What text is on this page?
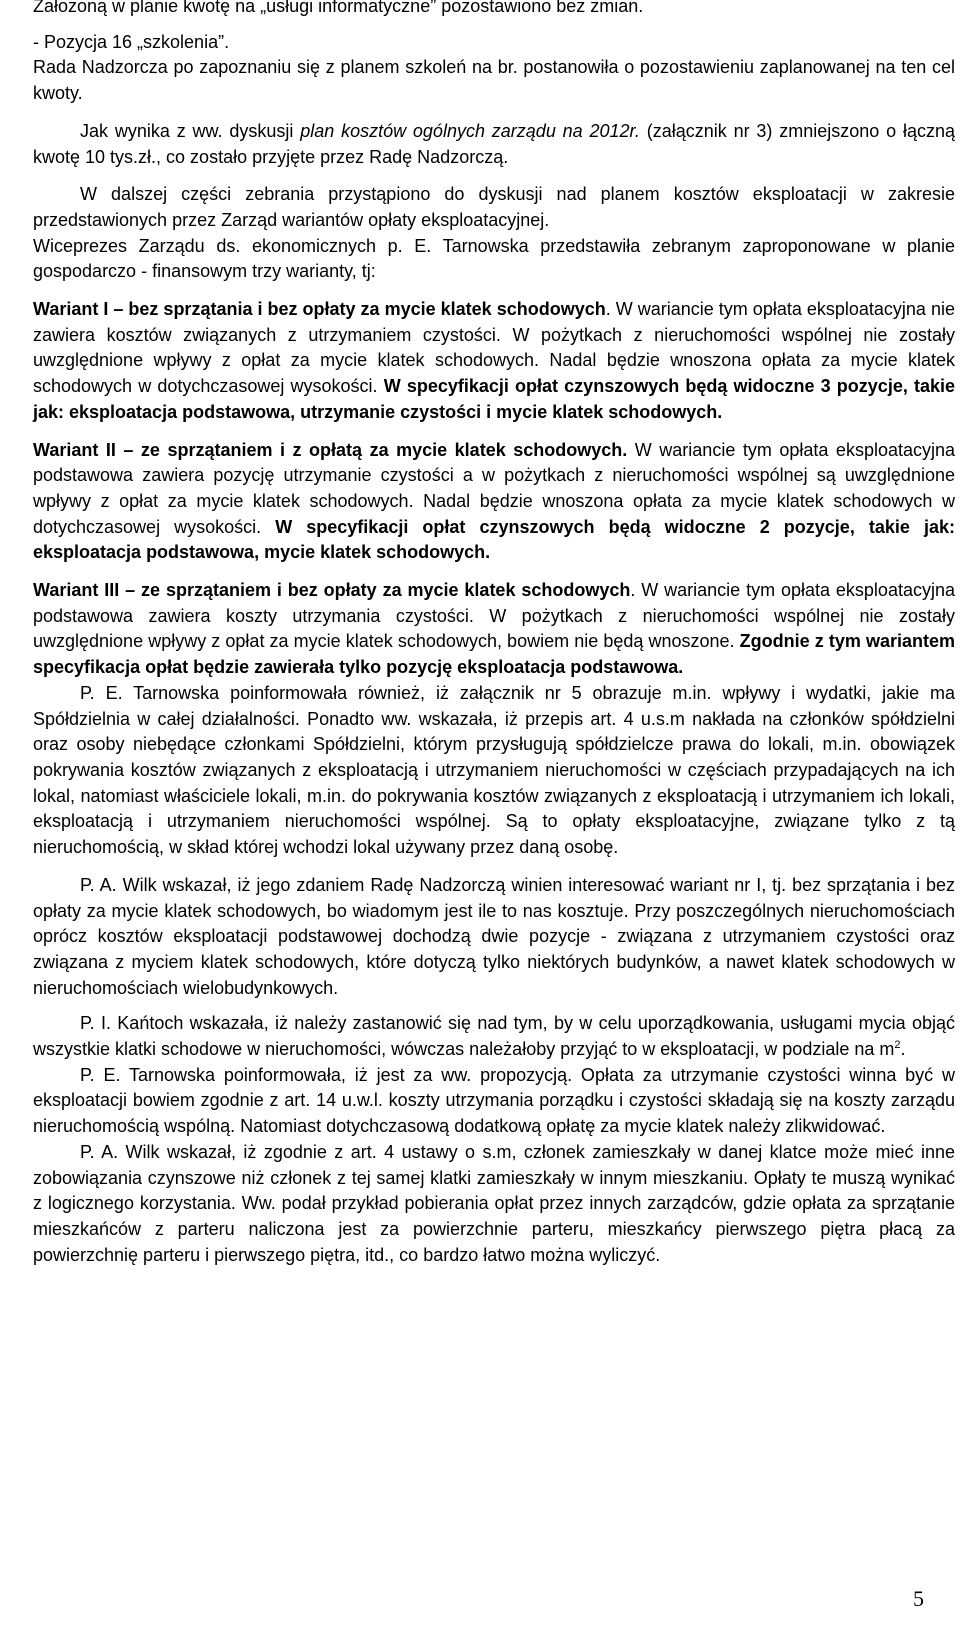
Założoną w planie kwotę na „usługi informatyczne” pozostawiono bez zmian.

- Pozycja 16 „szkolenia”.

Rada Nadzorcza po zapoznaniu się z planem szkoleń na br. postanowiła o pozostawieniu zaplanowanej na ten cel kwoty.

Jak wynika z ww. dyskusji plan kosztów ogólnych zarządu na 2012r. (załącznik nr 3) zmniejszono o łączną kwotę 10 tys.zł., co zostało przyjęte przez Radę Nadzorczą.

W dalszej części zebrania przystąpiono do dyskusji nad planem kosztów eksploatacji w zakresie przedstawionych przez Zarząd wariantów opłaty eksploatacyjnej.

Wiceprezes Zarządu ds. ekonomicznych p. E. Tarnowska przedstawiła zebranym zaproponowane w planie gospodarczo - finansowym trzy warianty, tj:

Wariant I – bez sprzątania i bez opłaty za mycie klatek schodowych. W wariancie tym opłata eksploatacyjna nie zawiera kosztów związanych z utrzymaniem czystości. W pożytkach z nieruchomości wspólnej nie zostały uwzględnione wpływy z opłat za mycie klatek schodowych. Nadal będzie wnoszona opłata za mycie klatek schodowych w dotychczasowej wysokości. W specyfikacji opłat czynszowych będą widoczne 3 pozycje, takie jak: eksploatacja podstawowa, utrzymanie czystości i mycie klatek schodowych.

Wariant II – ze sprzątaniem i z opłatą za mycie klatek schodowych. W wariancie tym opłata eksploatacyjna podstawowa zawiera pozycję utrzymanie czystości a w pożytkach z nieruchomości wspólnej są uwzględnione wpływy z opłat za mycie klatek schodowych. Nadal będzie wnoszona opłata za mycie klatek schodowych w dotychczasowej wysokości. W specyfikacji opłat czynszowych będą widoczne 2 pozycje, takie jak: eksploatacja podstawowa, mycie klatek schodowych.

Wariant III – ze sprzątaniem i bez opłaty za mycie klatek schodowych. W wariancie tym opłata eksploatacyjna podstawowa zawiera koszty utrzymania czystości. W pożytkach z nieruchomości wspólnej nie zostały uwzględnione wpływy z opłat za mycie klatek schodowych, bowiem nie będą wnoszone. Zgodnie z tym wariantem specyfikacja opłat będzie zawierała tylko pozycję eksploatacja podstawowa.

P. E. Tarnowska poinformowała również, iż załącznik nr 5 obrazuje m.in. wpływy i wydatki, jakie ma Spółdzielnia w całej działalności. Ponadto ww. wskazała, iż przepis art. 4 u.s.m nakłada na członków spółdzielni oraz osoby niebędące członkami Spółdzielni, którym przysługują spółdzielcze prawa do lokali, m.in. obowiązek pokrywania kosztów związanych z eksploatacją i utrzymaniem nieruchomości w częściach przypadających na ich lokal, natomiast właściciele lokali, m.in. do pokrywania kosztów związanych z eksploatacją i utrzymaniem ich lokali, eksploatacją i utrzymaniem nieruchomości wspólnej. Są to opłaty eksploatacyjne, związane tylko z tą nieruchomością, w skład której wchodzi lokal używany przez daną osobę.

P. A. Wilk wskazał, iż jego zdaniem Radę Nadzorczą winien interesować wariant nr I, tj. bez sprzątania i bez opłaty za mycie klatek schodowych, bo wiadomym jest ile to nas kosztuje. Przy poszczególnych nieruchomościach oprócz kosztów eksploatacji podstawowej dochodzą dwie pozycje - związana z utrzymaniem czystości oraz związana z myciem klatek schodowych, które dotyczą tylko niektórych budynków, a nawet klatek schodowych w nieruchomościach wielobudynkowych.

P. I. Kańtoch wskazała, iż należy zastanowić się nad tym, by w celu uporządkowania, usługami mycia objąć wszystkie klatki schodowe w nieruchomości, wówczas należałoby przyjąć to w eksploatacji, w podziale na $m^2$.

P. E. Tarnowska poinformowała, iż jest za ww. propozycją. Opłata za utrzymanie czystości winna być w eksploatacji bowiem zgodnie z art. 14 u.w.l. koszty utrzymania porządku i czystości składają się na koszty zarządu nieruchomością wspólną. Natomiast dotychczasową dodatkową opłatę za mycie klatek należy zlikwidować.

P. A. Wilk wskazał, iż zgodnie z art. 4 ustawy o s.m, członek zamieszkały w danej klatce może mieć inne zobowiązania czynszowe niż członek z tej samej klatki zamieszkały w innym mieszkaniu. Opłaty te muszą wynikać z logicznego korzystania. Ww. podał przykład pobierania opłat przez innych zarządców, gdzie opłata za sprzątanie mieszkańców z parteru naliczona jest za powierzchnie parteru, mieszkańcy pierwszego piętra płacą za powierzchnię parteru i pierwszego piętra, itd., co bardzo łatwo można wyliczyć.

5
